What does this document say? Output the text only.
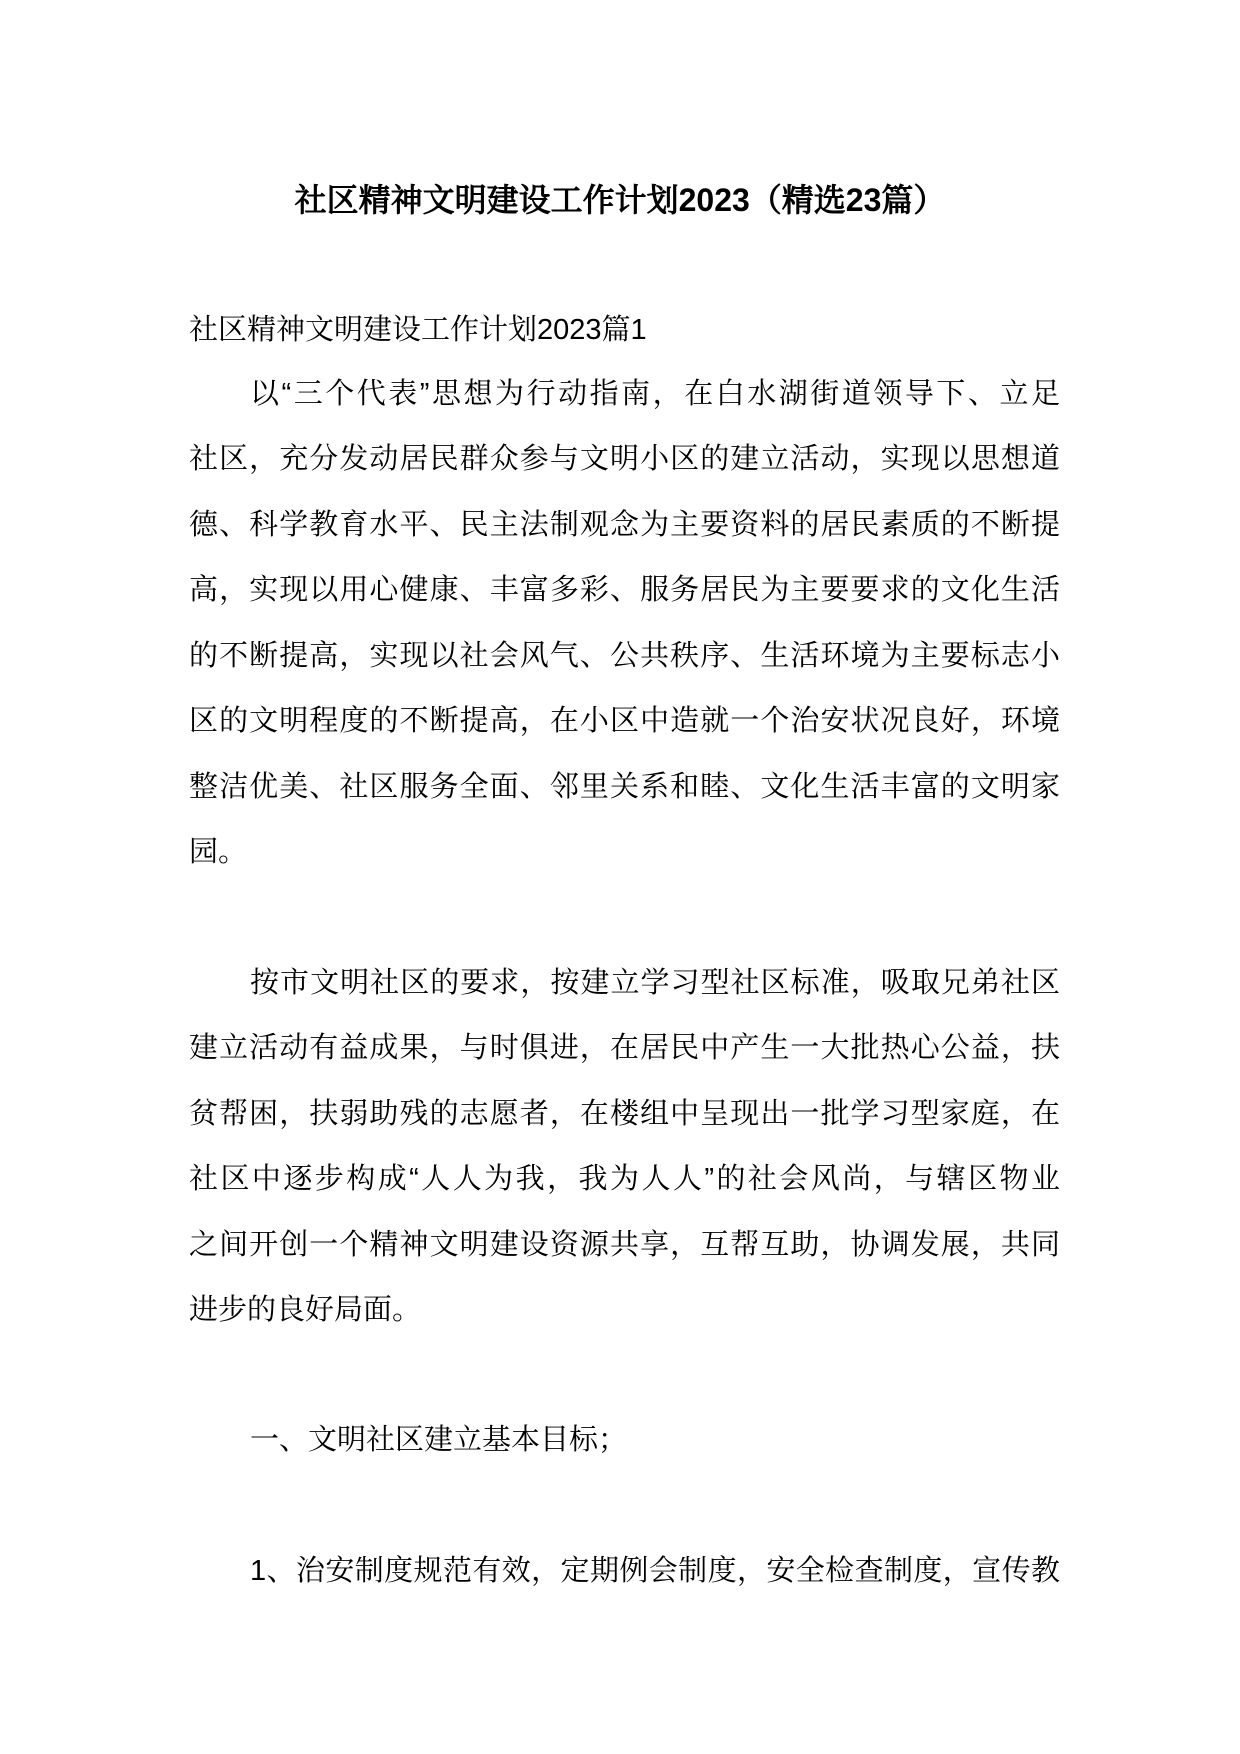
社区精神文明建设工作计划2023（精选23篇）
社区精神文明建设工作计划2023篇1
以“三个代表”思想为行动指南，在白水湖街道领导下、立足
社区，充分发动居民群众参与文明小区的建立活动，实现以思想道
德、科学教育水平、民主法制观念为主要资料的居民素质的不断提
高，实现以用心健康、丰富多彩、服务居民为主要要求的文化生活
的不断提高，实现以社会风气、公共秩序、生活环境为主要标志小
区的文明程度的不断提高，在小区中造就一个治安状况良好，环境
整洁优美、社区服务全面、邻里关系和睦、文化生活丰富的文明家
园。
按市文明社区的要求，按建立学习型社区标准，吸取兄弟社区
建立活动有益成果，与时俱进，在居民中产生一大批热心公益，扶
贫帮困，扶弱助残的志愿者，在楼组中呈现出一批学习型家庭，在
社区中逐步构成“人人为我，我为人人”的社会风尚，与辖区物业
之间开创一个精神文明建设资源共享，互帮互助，协调发展，共同
进步的良好局面。
一、文明社区建立基本目标；
1、治安制度规范有效，定期例会制度，安全检查制度，宣传教
